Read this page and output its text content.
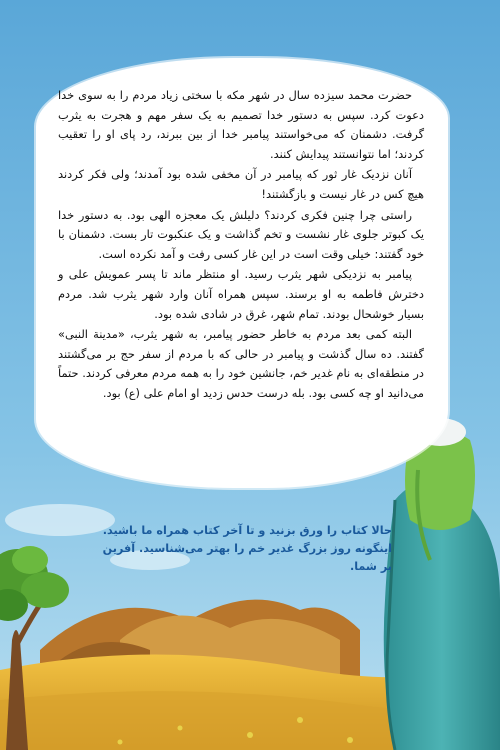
حضرت محمد سیزده سال در شهر مکه با سختی زیاد مردم را به سوی خدا دعوت کرد. سپس به دستور خدا تصمیم به یک سفر مهم و هجرت به یثرب گرفت. دشمنان که می‌خواستند پیامبر خدا از بین ببرند، رد پای او را تعقیب کردند؛ اما نتوانستند پیدایش کنند.

آنان نزدیک غار ثور که پیامبر در آن مخفی شده بود آمدند؛ ولی فکر کردند هیچ کس در غار نیست و بازگشتند!

راستی چرا چنین فکری کردند؟ دلیلش یک معجزه الهی بود. به دستور خدا یک کبوتر جلوی غار نشست و تخم گذاشت و یک عنکبوت تار بست. دشمنان با خود گفتند: خیلی وقت است در این غار کسی رفت و آمد نکرده است.

پیامبر به نزدیکی شهر یثرب رسید. او منتظر ماند تا پسر عمویش علی و دخترش فاطمه به او برسند. سپس همراه آنان وارد شهر یثرب شد. مردم بسیار خوشحال بودند. تمام شهر، غرق در شادی شده بود.

البته کمی بعد مردم به خاطر حضور پیامبر، به شهر یثرب، «مدینة النبی» گفتند. ده سال گذشت و پیامبر در حالی که با مردم از سفر حج بر می‌گشتند در منطقه‌ای به نام غدیر خم، جانشین خود را به همه مردم معرفی کردند. حتماً می‌دانید او چه کسی بود. بله درست حدس زدید او امام علی (ع) بود.

حالا کتاب را ورق بزنید و تا آخر کتاب همراه ما باشید. اینگونه روز بزرگ غدیر خم را بهتر می‌شناسید. آفرین بر شما.
